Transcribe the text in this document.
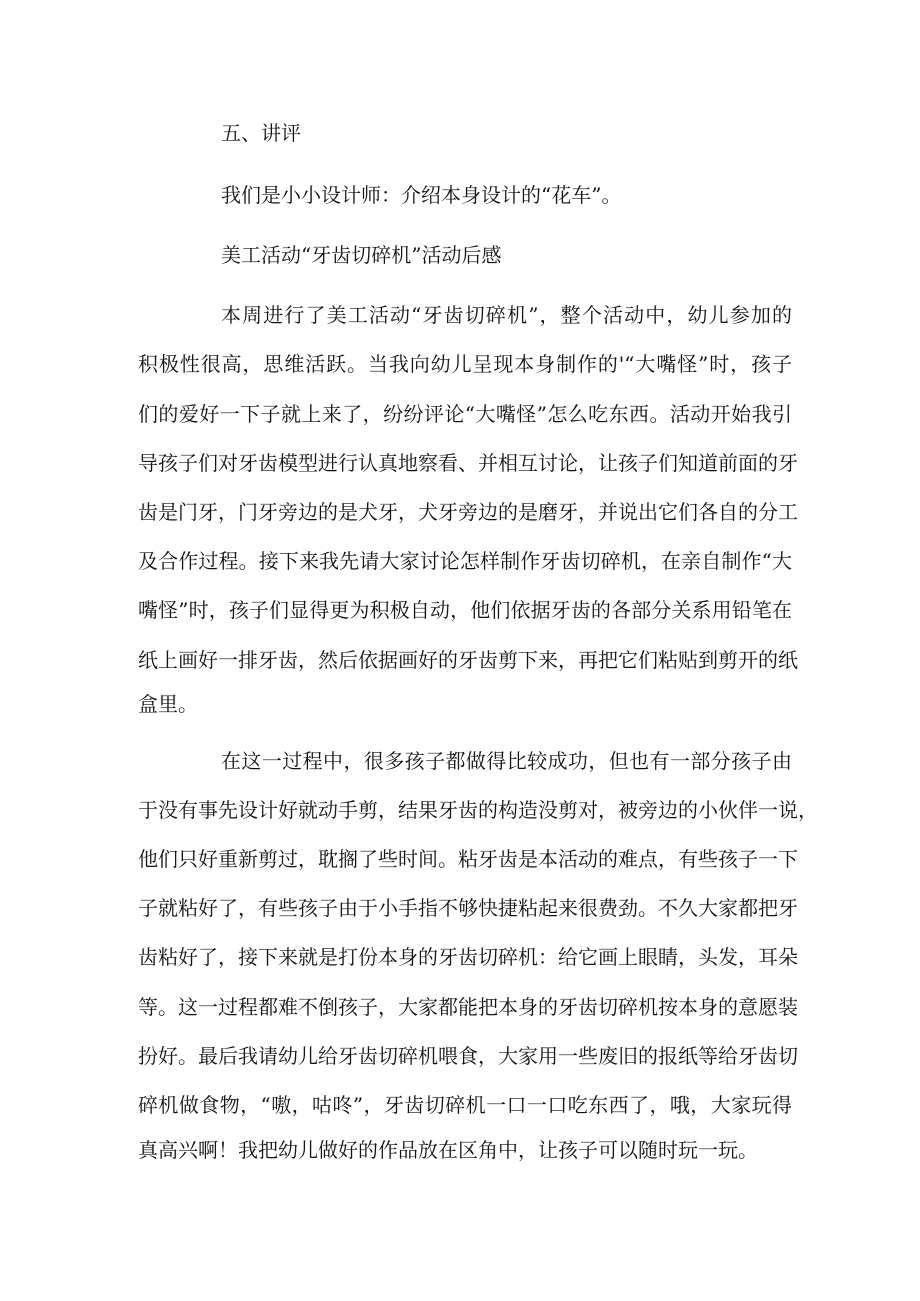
五、讲评

我们是小小设计师：介绍本身设计的“花车”。

美工活动“牙齿切碎机”活动后感

本周进行了美工活动“牙齿切碎机”，整个活动中，幼儿参加的

积极性很高，思维活跃。当我向幼儿呈现本身制作的'“大嘴怪”时，孩子

们的爱好一下子就上来了，纷纷评论“大嘴怪”怎么吃东西。活动开始我引

导孩子们对牙齿模型进行认真地察看、并相互讨论，让孩子们知道前面的牙

齿是门牙，门牙旁边的是犬牙，犬牙旁边的是磨牙，并说出它们各自的分工

及合作过程。接下来我先请大家讨论怎样制作牙齿切碎机，在亲自制作“大

嘴怪”时，孩子们显得更为积极自动，他们依据牙齿的各部分关系用铅笔在

纸上画好一排牙齿，然后依据画好的牙齿剪下来，再把它们粘贴到剪开的纸

盒里。

在这一过程中，很多孩子都做得比较成功，但也有一部分孩子由

于没有事先设计好就动手剪，结果牙齿的构造没剪对，被旁边的小伙伴一说，

他们只好重新剪过，耽搁了些时间。粘牙齿是本活动的难点，有些孩子一下

子就粘好了，有些孩子由于小手指不够快捷粘起来很费劲。不久大家都把牙

齿粘好了，接下来就是打份本身的牙齿切碎机：给它画上眼睛，头发，耳朵

等。这一过程都难不倒孩子，大家都能把本身的牙齿切碎机按本身的意愿装

扮好。最后我请幼儿给牙齿切碎机喂食，大家用一些废旧的报纸等给牙齿切

碎机做食物，“嗷，咕咚”，牙齿切碎机一口一口吃东西了，哦，大家玩得

真高兴啊！我把幼儿做好的作品放在区角中，让孩子可以随时玩一玩。
